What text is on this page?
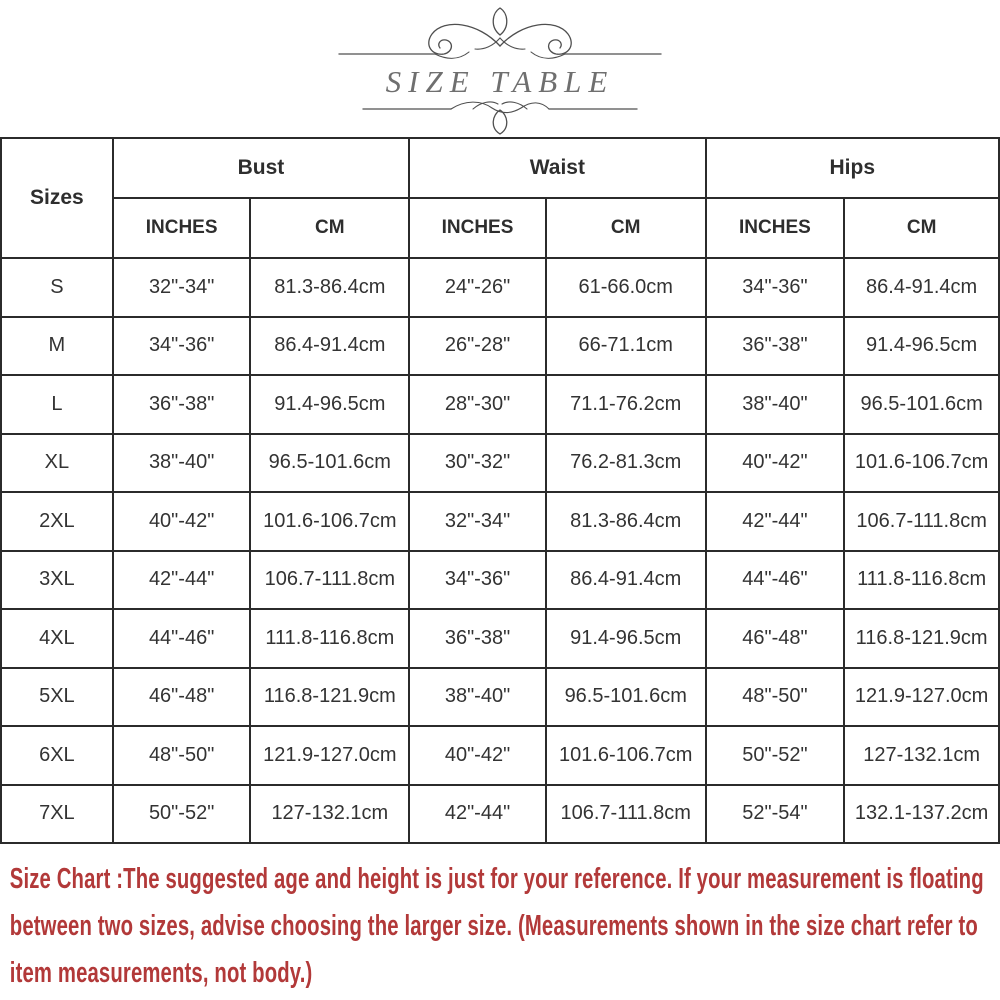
SIZE TABLE
Sizes	Bust		Waist		Hips	
	INCHES	CM	INCHES	CM	INCHES	CM
S	32"-34"	81.3-86.4cm	24"-26"	61-66.0cm	34"-36"	86.4-91.4cm
M	34"-36"	86.4-91.4cm	26"-28"	66-71.1cm	36"-38"	91.4-96.5cm
L	36"-38"	91.4-96.5cm	28"-30"	71.1-76.2cm	38"-40"	96.5-101.6cm
XL	38"-40"	96.5-101.6cm	30"-32"	76.2-81.3cm	40"-42"	101.6-106.7cm
2XL	40"-42"	101.6-106.7cm	32"-34"	81.3-86.4cm	42"-44"	106.7-111.8cm
3XL	42"-44"	106.7-111.8cm	34"-36"	86.4-91.4cm	44"-46"	111.8-116.8cm
4XL	44"-46"	111.8-116.8cm	36"-38"	91.4-96.5cm	46"-48"	116.8-121.9cm
5XL	46"-48"	116.8-121.9cm	38"-40"	96.5-101.6cm	48"-50"	121.9-127.0cm
6XL	48"-50"	121.9-127.0cm	40"-42"	101.6-106.7cm	50"-52"	127-132.1cm
7XL	50"-52"	127-132.1cm	42"-44"	106.7-111.8cm	52"-54"	132.1-137.2cm

Size Chart :The suggested age and height is just for your reference. If your measurement is floating between two sizes, advise choosing the larger size. (Measurements shown in the size chart refer to item measurements, not body.)
